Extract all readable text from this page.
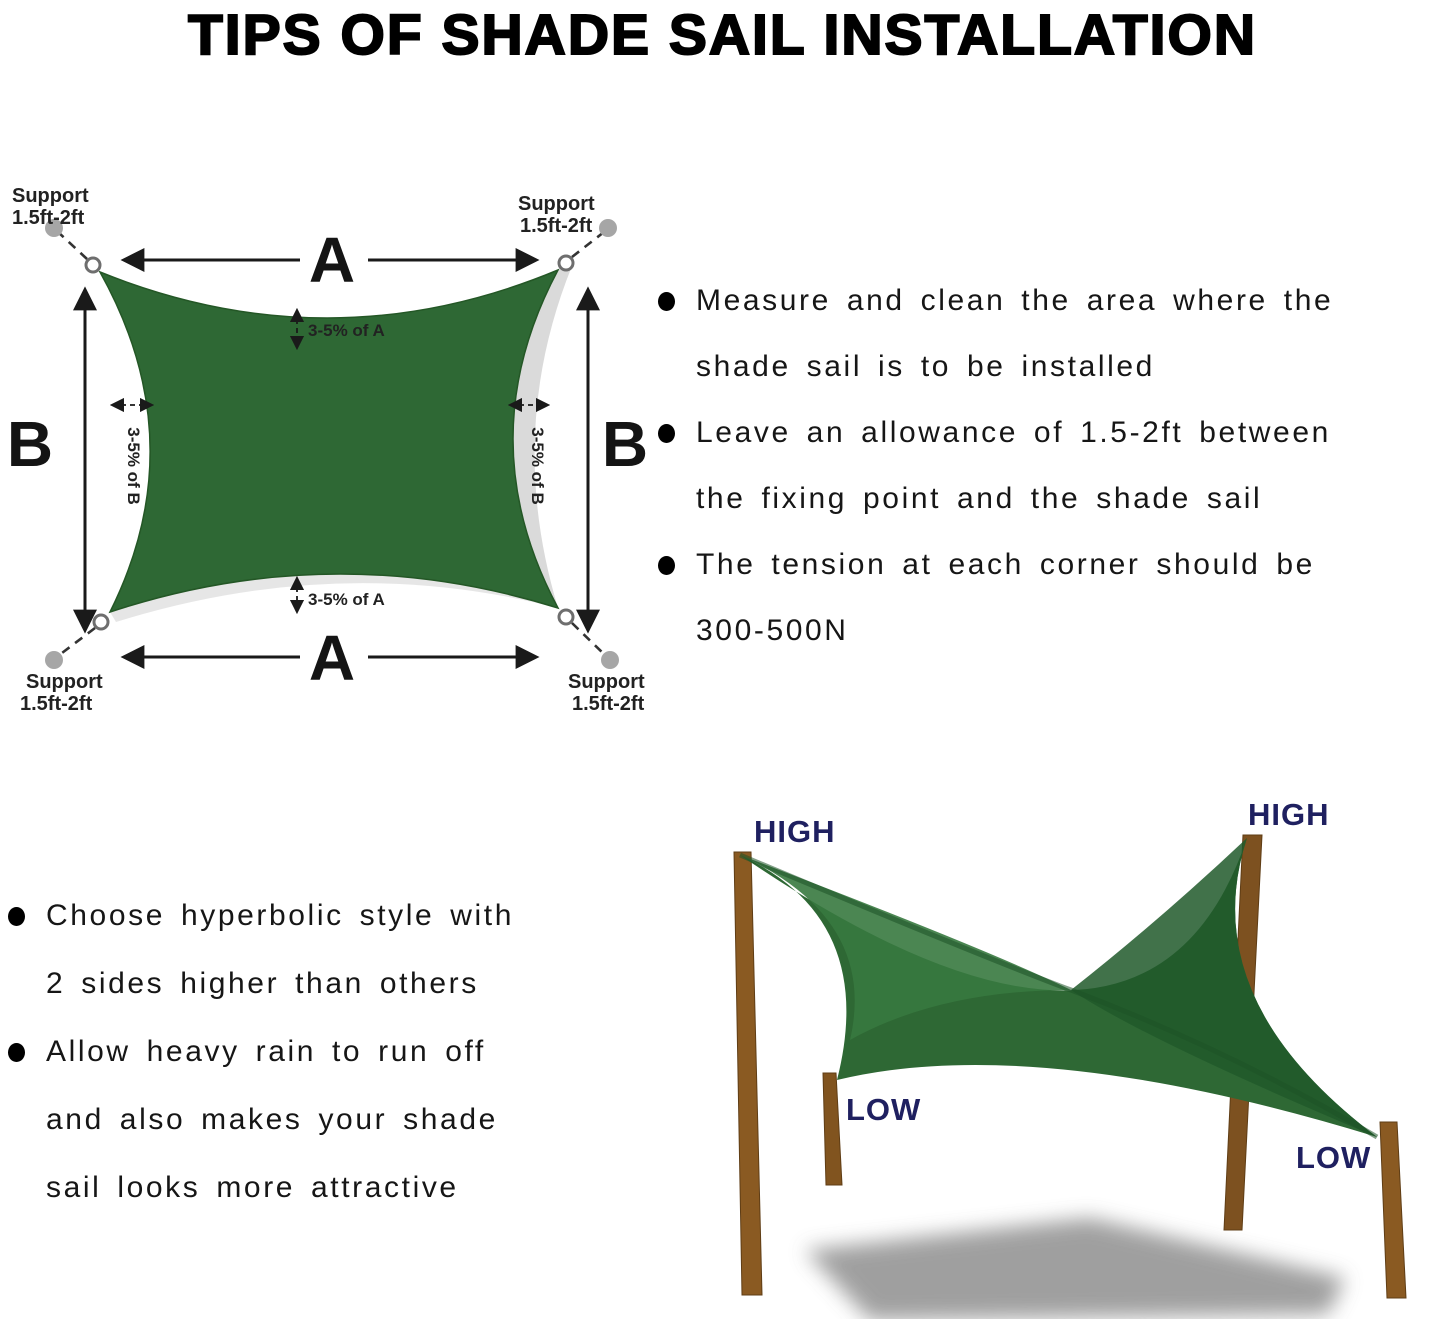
TIPS OF SHADE SAIL INSTALLATION
Support
1.5ft-2ft
Support
1.5ft-2ft
Support
1.5ft-2ft
Support
1.5ft-2ft
A
3-5% of A
3-5% of A
A
B	3-5% of B	B
3-5% of B
Measure and clean the area where the
shade sail is to be installed
Leave an allowance of 1.5-2ft between
the fixing point and the shade sail
The tension at each corner should be
300-500N
Choose hyperbolic style with
2 sides higher than others
Allow heavy rain to run off
and also makes your shade
sail looks more attractive
HIGH	HIGH
LOW
LOW
